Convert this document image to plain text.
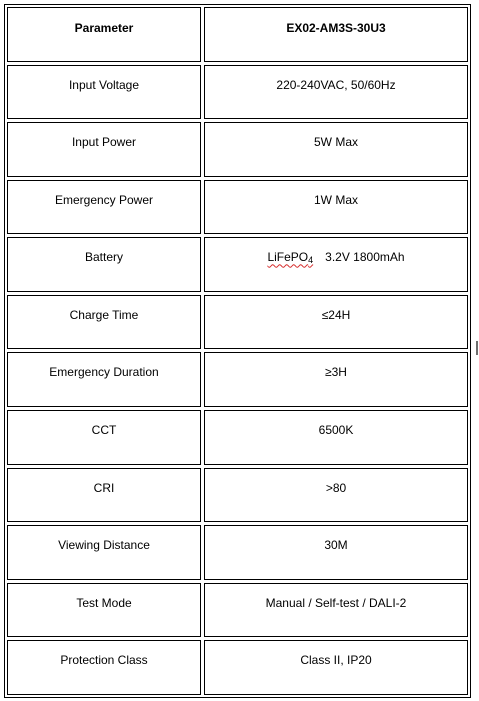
Parameter	EX02-AM3S-30U3
Input Voltage	220-240VAC, 50/60Hz
Input Power	5W Max
Emergency Power	1W Max
Battery	LiFePO$_4$ 3.2V 1800mAh
Charge Time	≤24H
Emergency Duration	≥3H
CCT	6500K
CRI	>80
Viewing Distance	30M
Test Mode	Manual / Self-test / DALI-2
Protection Class	Class II, IP20
